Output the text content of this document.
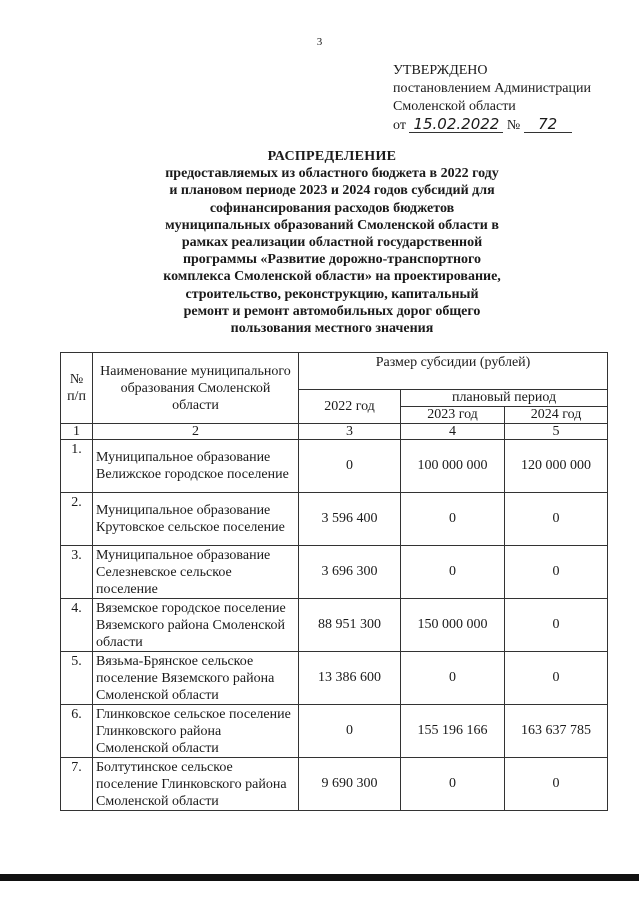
3
УТВЕРЖДЕНО
постановлением Администрации
Смоленской области
от 15.02.2022 № 72
РАСПРЕДЕЛЕНИЕ
предоставляемых из областного бюджета в 2022 году
и плановом периоде 2023 и 2024 годов субсидий для
софинансирования расходов бюджетов
муниципальных образований Смоленской области в
рамках реализации областной государственной
программы «Развитие дорожно-транспортного
комплекса Смоленской области» на проектирование,
строительство, реконструкцию, капитальный
ремонт и ремонт автомобильных дорог общего
пользования местного значения
№ п/п	Наименование муниципального образования Смоленской области	Размер субсидии (рублей)		
		2022 год	плановый период	
			2023 год	2024 год
1	2	3	4	5
1.	Муниципальное образование Велижское городское поселение	0	100 000 000	120 000 000
2.	Муниципальное образование Крутовское сельское поселение	3 596 400	0	0
3.	Муниципальное образование Селезневское сельское поселение	3 696 300	0	0
4.	Вяземское городское поселение Вяземского района Смоленской области	88 951 300	150 000 000	0
5.	Вязьма-Брянское сельское поселение Вяземского района Смоленской области	13 386 600	0	0
6.	Глинковское сельское поселение Глинковского района Смоленской области	0	155 196 166	163 637 785
7.	Болтутинское сельское поселение Глинковского района Смоленской области	9 690 300	0	0
